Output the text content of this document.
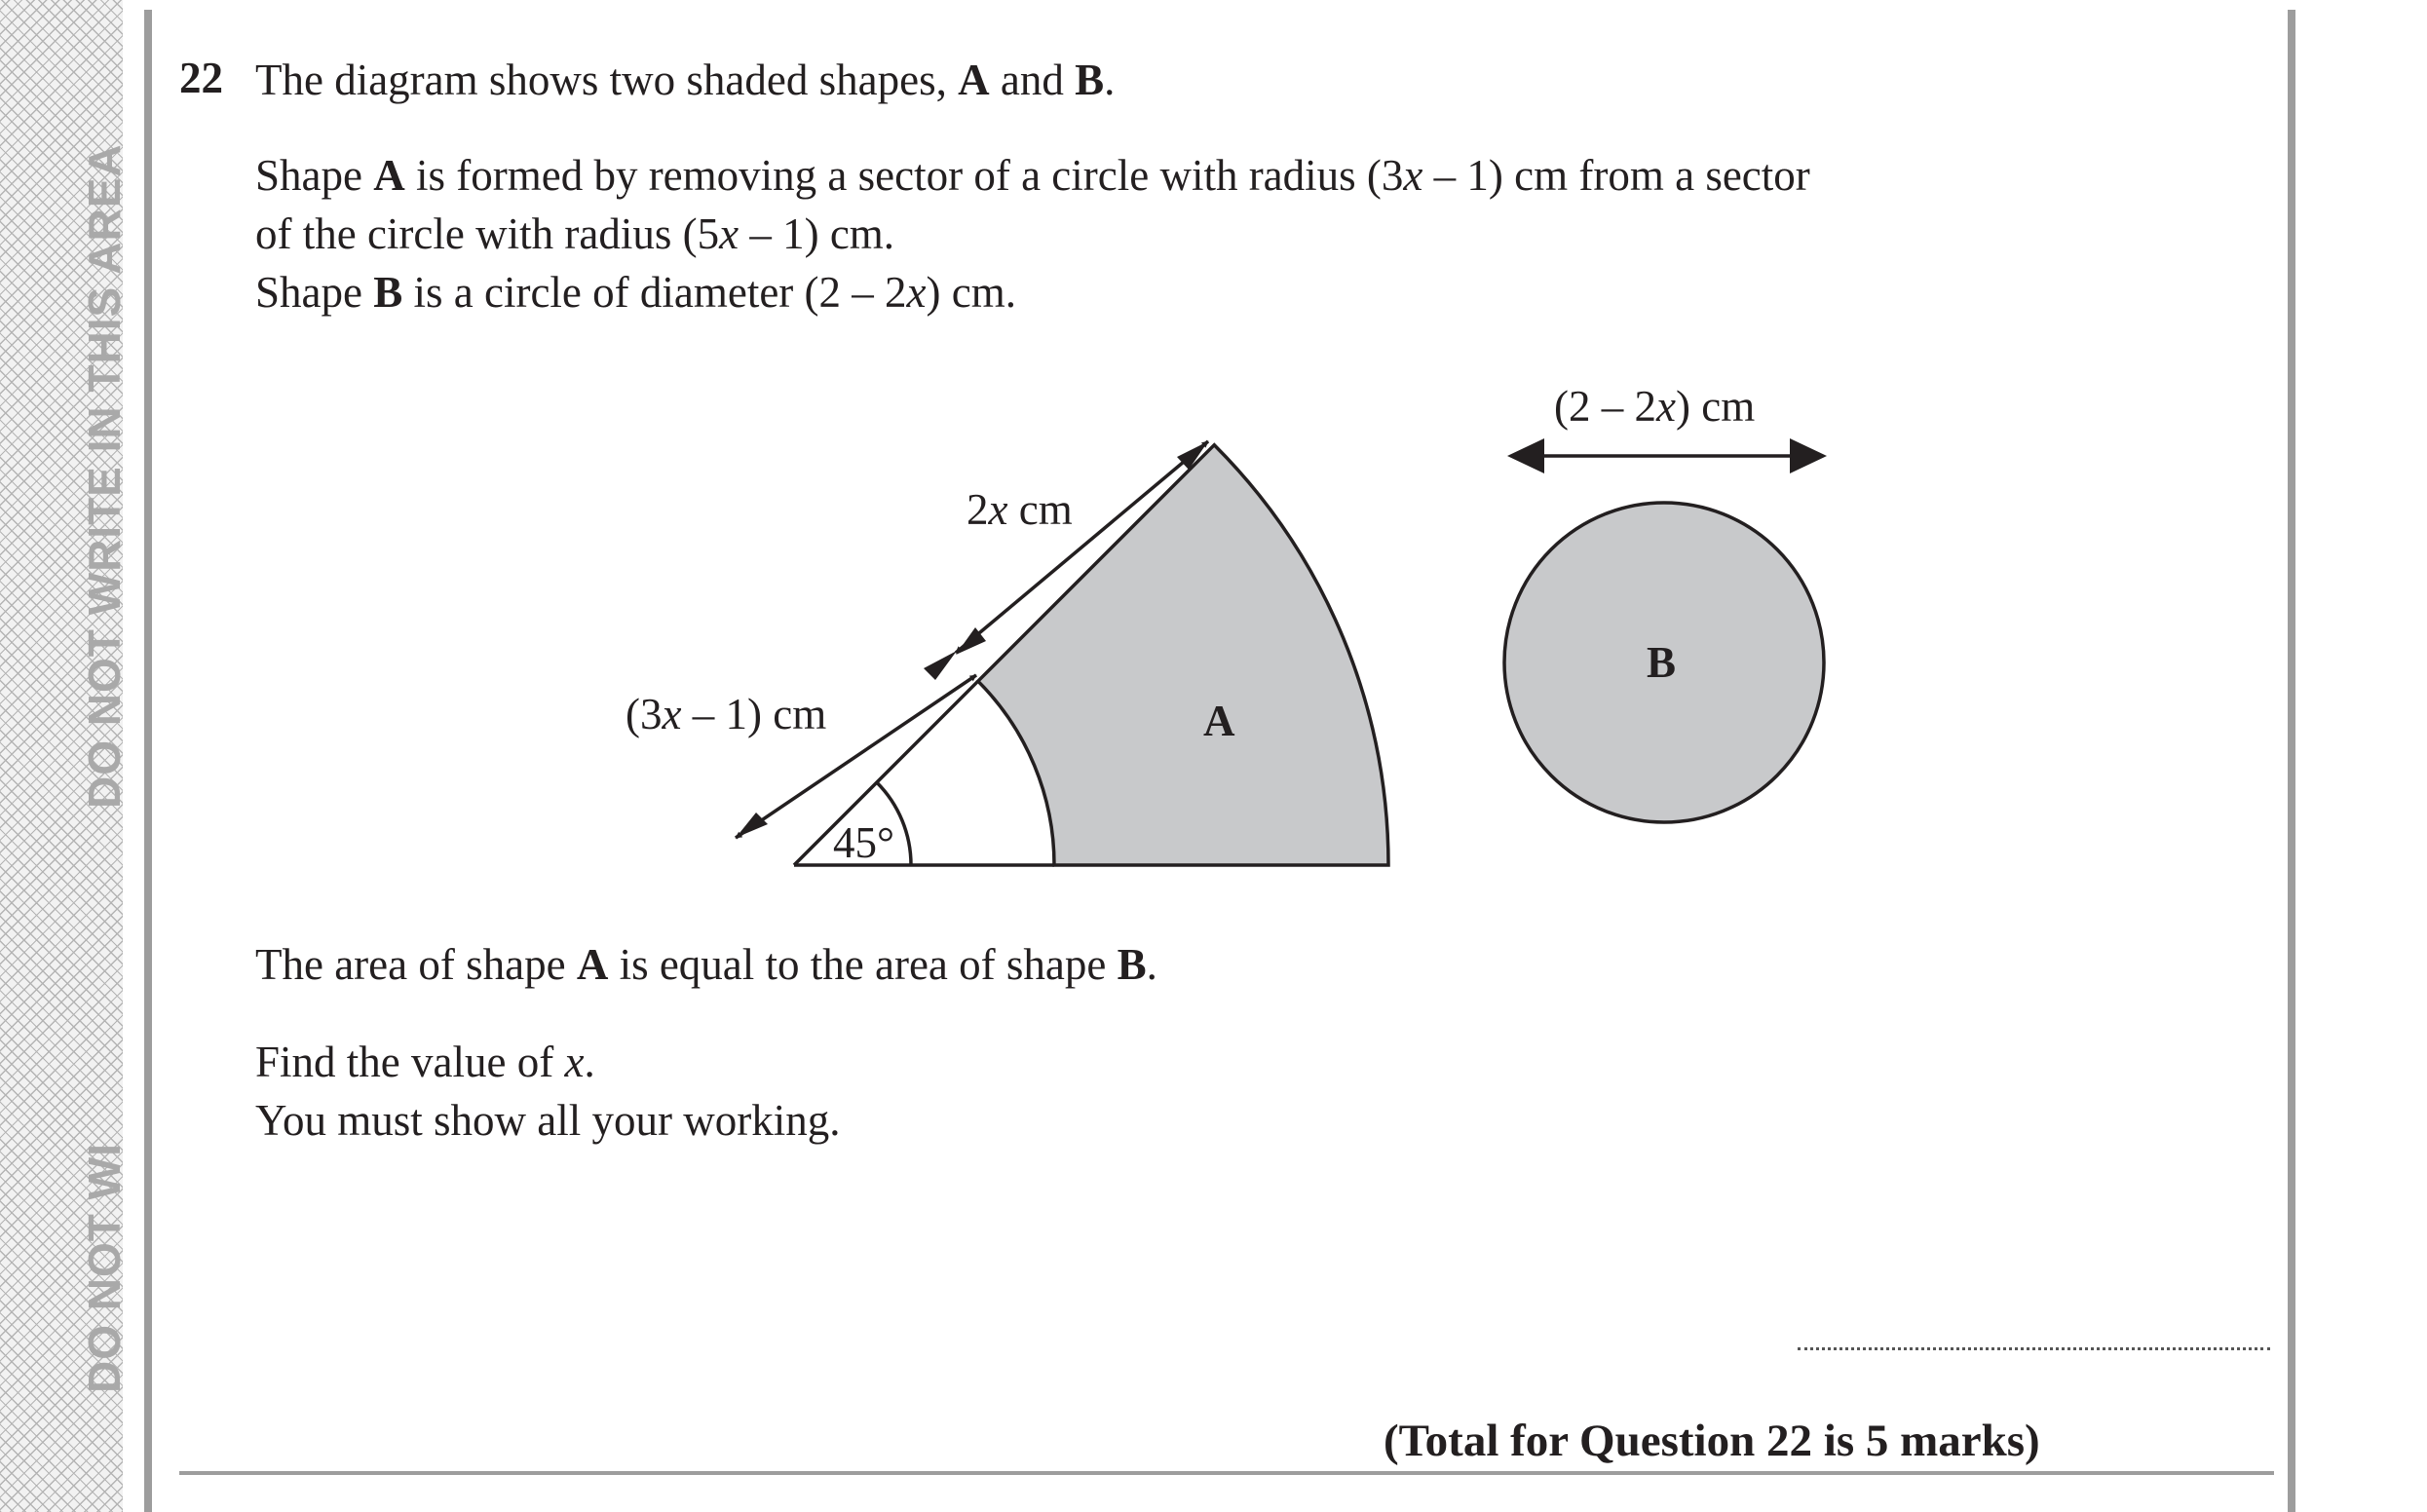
DO NOT WRITE IN THIS AREA
DO NOT WI
22 The diagram shows two shaded shapes, A and B.
Shape A is formed by removing a sector of a circle with radius (3x – 1) cm from a sector
of the circle with radius (5x – 1) cm.
Shape B is a circle of diameter (2 – 2x) cm.
2x cm
(3x – 1) cm
45°
A
B
(2 – 2x) cm
The area of shape A is equal to the area of shape B.
Find the value of x.
You must show all your working.
(Total for Question 22 is 5 marks)
